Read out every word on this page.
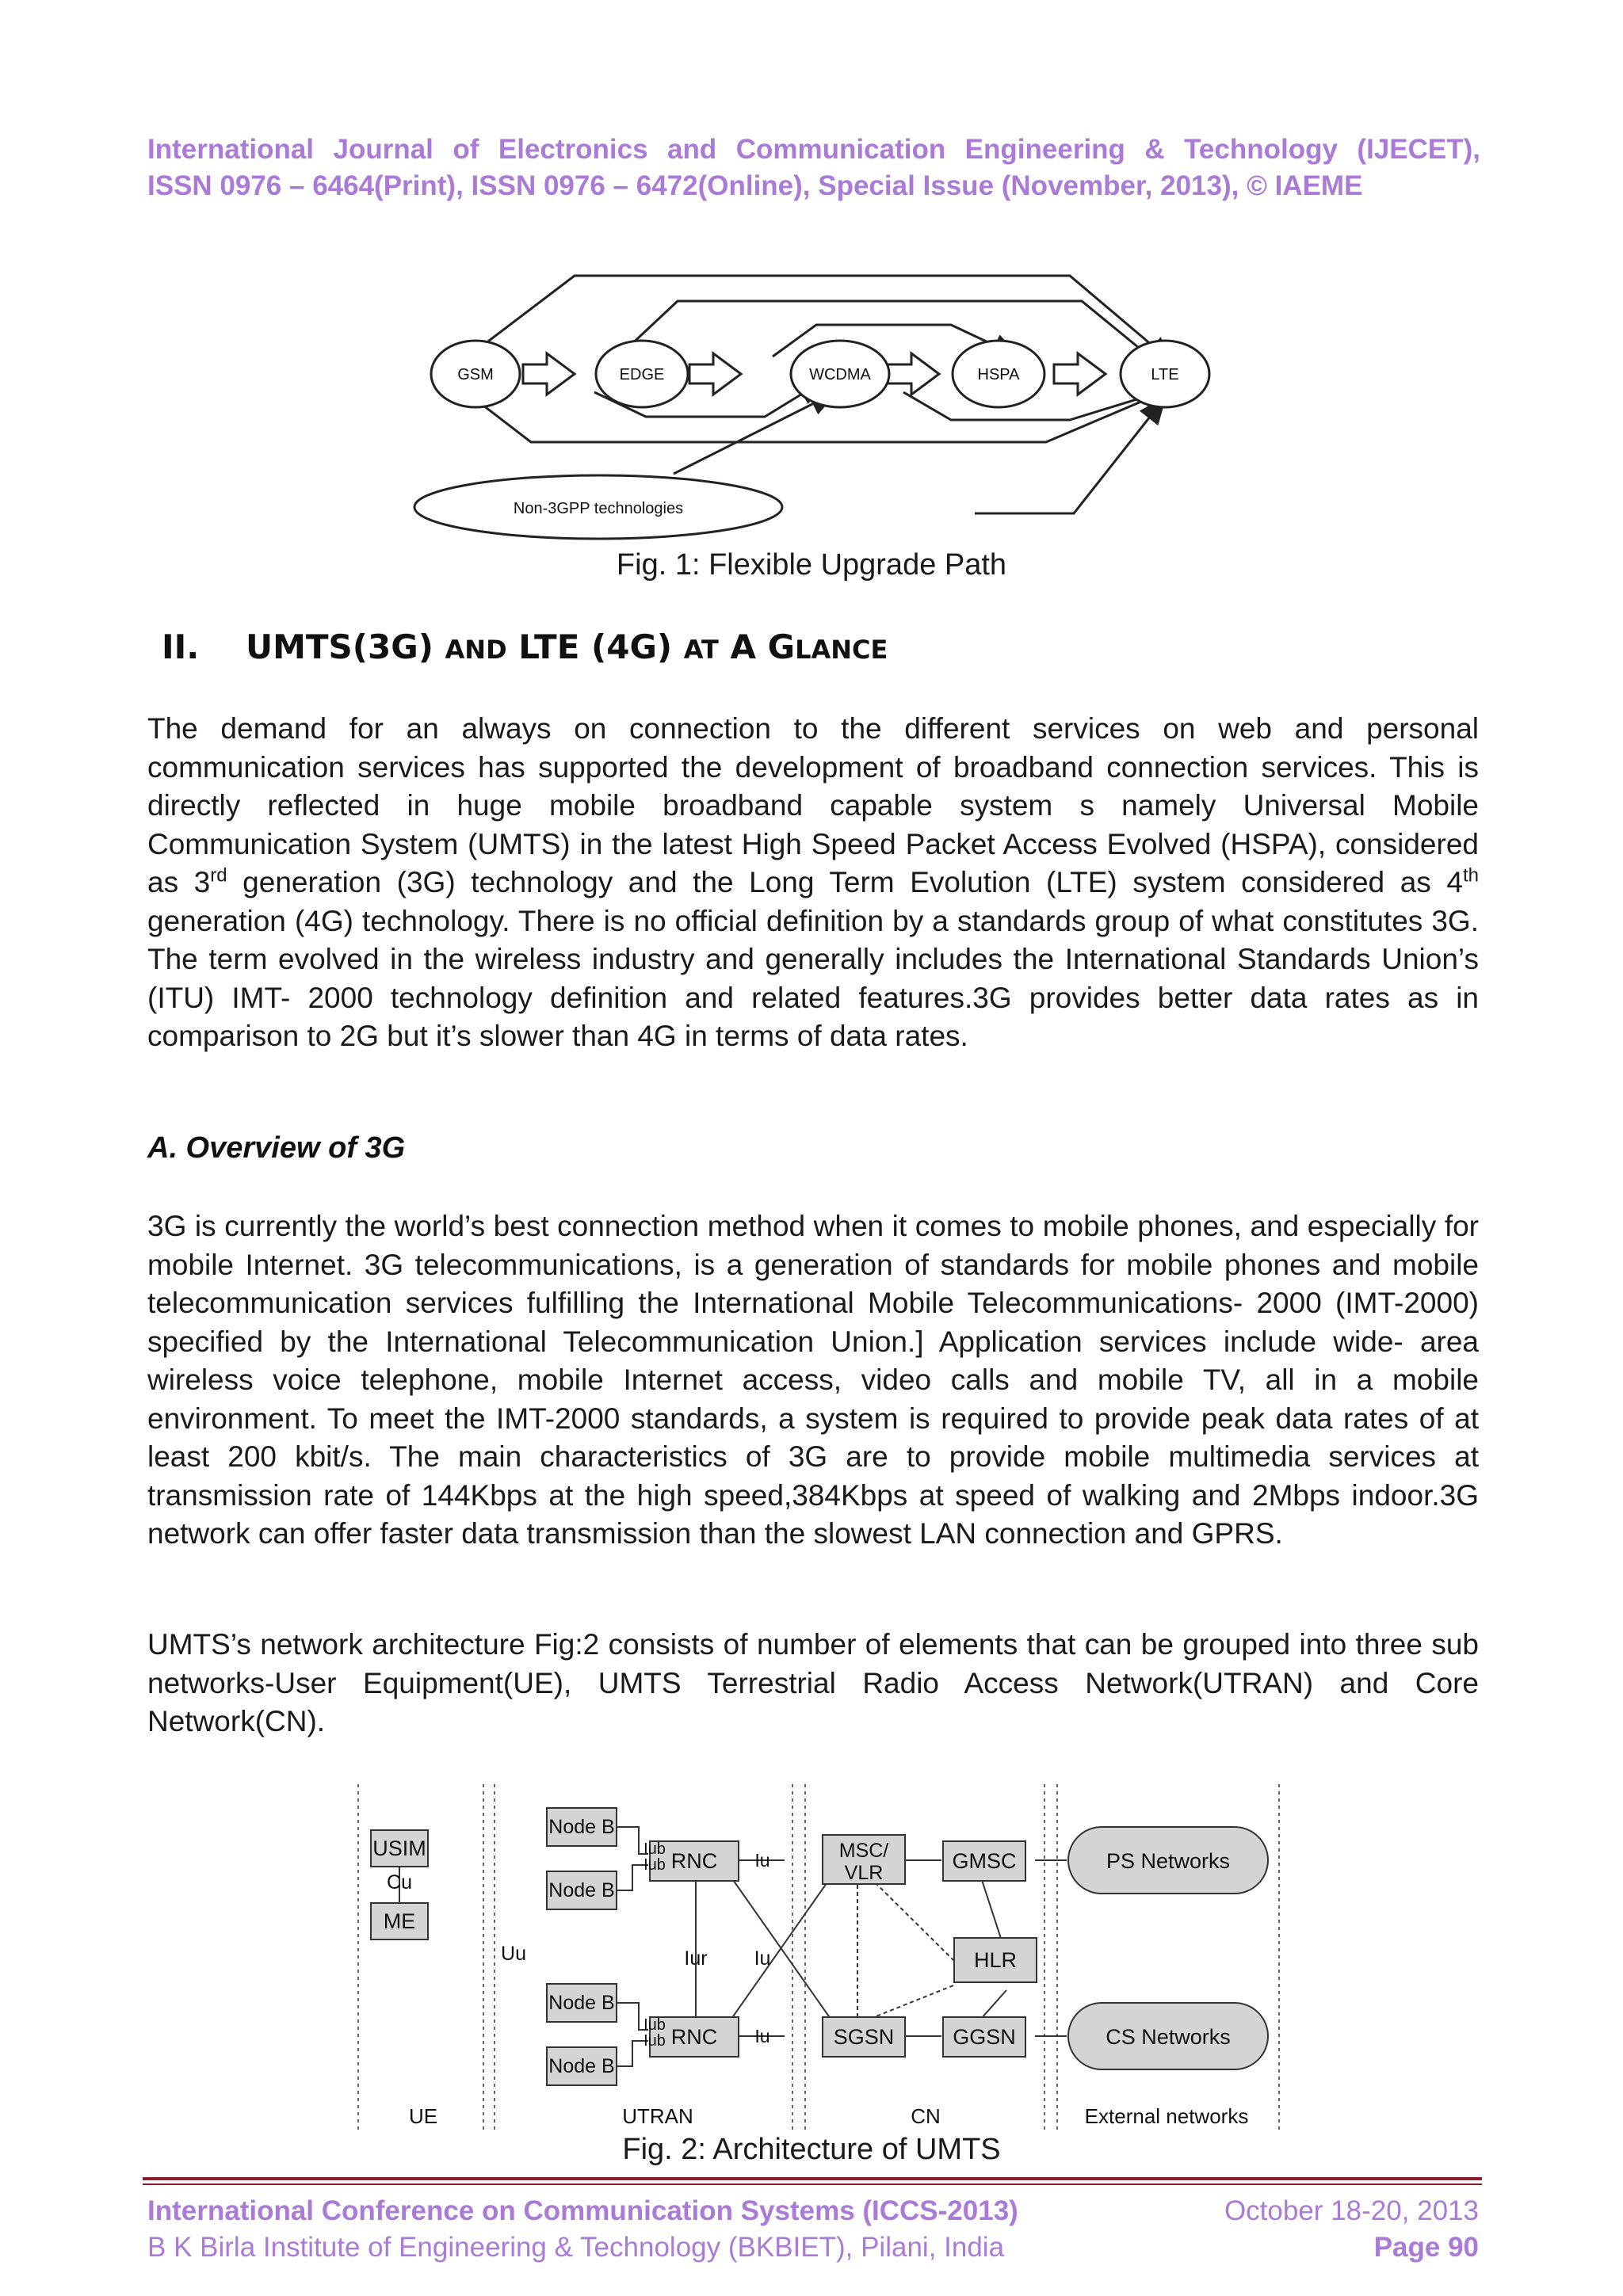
International Journal of Electronics and Communication Engineering & Technology (IJECET),
ISSN 0976 – 6464(Print), ISSN 0976 – 6472(Online), Special Issue (November, 2013), © IAEME
GSM	EDGE	WCDMA	HSPA	LTE
Non-3GPP technologies
Fig. 1: Flexible Upgrade Path
II. UMTS(3G) AND LTE (4G) AT A GLANCE
The demand for an always on connection to the different services on web and personal communication services has supported the development of broadband connection services. This is directly reflected in huge mobile broadband capable system s namely Universal Mobile Communication System (UMTS) in the latest High Speed Packet Access Evolved (HSPA), considered as 3rd generation (3G) technology and the Long Term Evolution (LTE) system considered as 4th generation (4G) technology. There is no official definition by a standards group of what constitutes 3G. The term evolved in the wireless industry and generally includes the International Standards Union’s (ITU) IMT- 2000 technology definition and related features.3G provides better data rates as in comparison to 2G but it’s slower than 4G in terms of data rates.
A. Overview of 3G
3G is currently the world’s best connection method when it comes to mobile phones, and especially for mobile Internet. 3G telecommunications, is a generation of standards for mobile phones and mobile telecommunication services fulfilling the International Mobile Telecommunications- 2000 (IMT-2000) specified by the International Telecommunication Union.] Application services include wide- area wireless voice telephone, mobile Internet access, video calls and mobile TV, all in a mobile environment. To meet the IMT-2000 standards, a system is required to provide peak data rates of at least 200 kbit/s. The main characteristics of 3G are to provide mobile multimedia services at transmission rate of 144Kbps at the high speed,384Kbps at speed of walking and 2Mbps indoor.3G network can offer faster data transmission than the slowest LAN connection and GPRS.
UMTS’s network architecture Fig:2 consists of number of elements that can be grouped into three sub networks-User Equipment(UE), UMTS Terrestrial Radio Access Network(UTRAN) and Core Network(CN).
USIM
Cu
ME
Uu
Node B
Node B
Node B
Node B
Iub
Iub
Iub
Iub
RNC
RNC
Iu
Iu
Iu
Iur
MSC/
VLR	GMSC
HLR
SGSN	GGSN
PS Networks
CS Networks
UE	UTRAN	CN	External networks
Fig. 2: Architecture of UMTS
International Conference on Communication Systems (ICCS-2013)
B K Birla Institute of Engineering & Technology (BKBIET), Pilani, India
October 18-20, 2013
Page 90
